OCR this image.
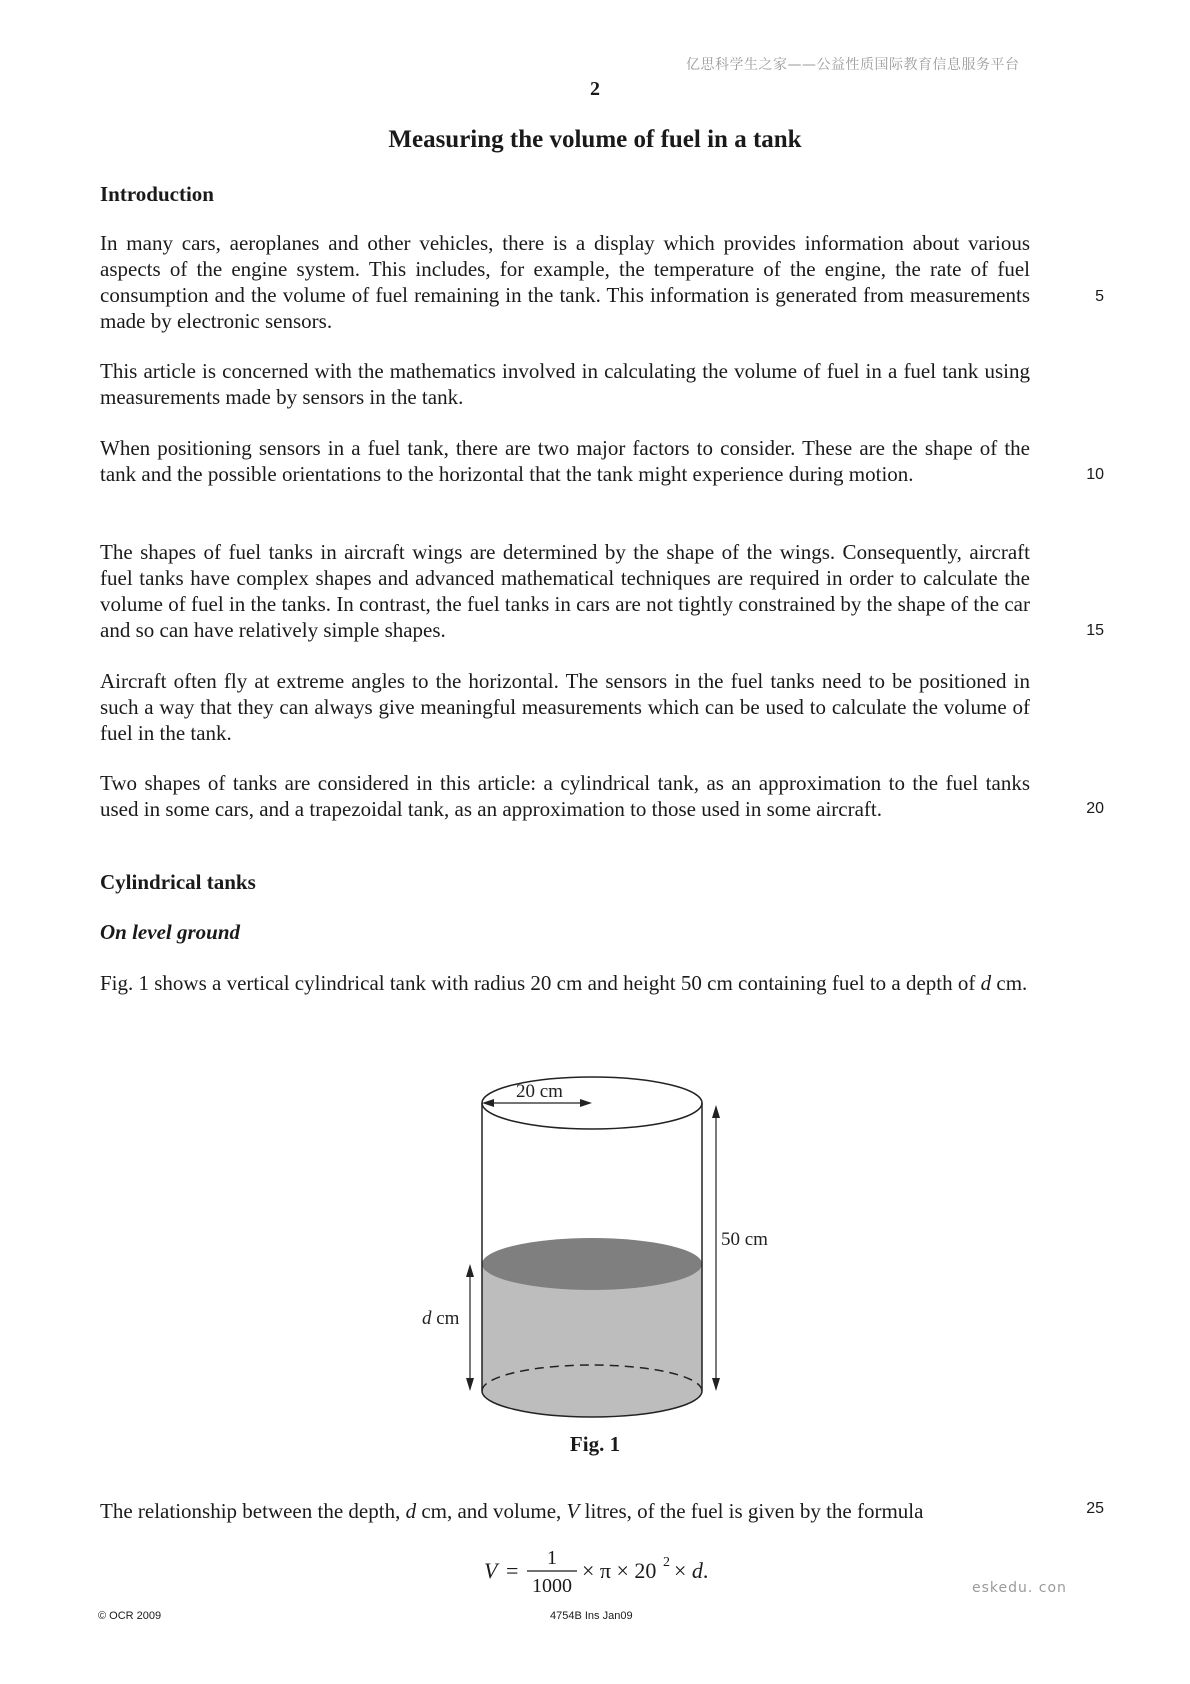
亿思科学生之家——公益性质国际教育信息服务平台
2
Measuring the volume of fuel in a tank
Introduction

In many cars, aeroplanes and other vehicles, there is a display which provides information about various aspects of the engine system. This includes, for example, the temperature of the engine, the rate of fuel consumption and the volume of fuel remaining in the tank. This information is generated from measurements made by electronic sensors.

This article is concerned with the mathematics involved in calculating the volume of fuel in a fuel tank using measurements made by sensors in the tank.

When positioning sensors in a fuel tank, there are two major factors to consider. These are the shape of the tank and the possible orientations to the horizontal that the tank might experience during motion.

The shapes of fuel tanks in aircraft wings are determined by the shape of the wings. Consequently, aircraft fuel tanks have complex shapes and advanced mathematical techniques are required in order to calculate the volume of fuel in the tanks. In contrast, the fuel tanks in cars are not tightly constrained by the shape of the car and so can have relatively simple shapes.

Aircraft often fly at extreme angles to the horizontal. The sensors in the fuel tanks need to be positioned in such a way that they can always give meaningful measurements which can be used to calculate the volume of fuel in the tank.

Two shapes of tanks are considered in this article: a cylindrical tank, as an approximation to the fuel tanks used in some cars, and a trapezoidal tank, as an approximation to those used in some aircraft.

5
10
15
20
25
Cylindrical tanks
On level ground

Fig. 1 shows a vertical cylindrical tank with radius 20 cm and height 50 cm containing fuel to a depth of d cm.

20 cm
50 cm
d cm
Fig. 1

The relationship between the depth, d cm, and volume, V litres, of the fuel is given by the formula

V = 1
1000
× π × 20 2 × d.
eskedu. con
© OCR 2009	4754B Ins Jan09
